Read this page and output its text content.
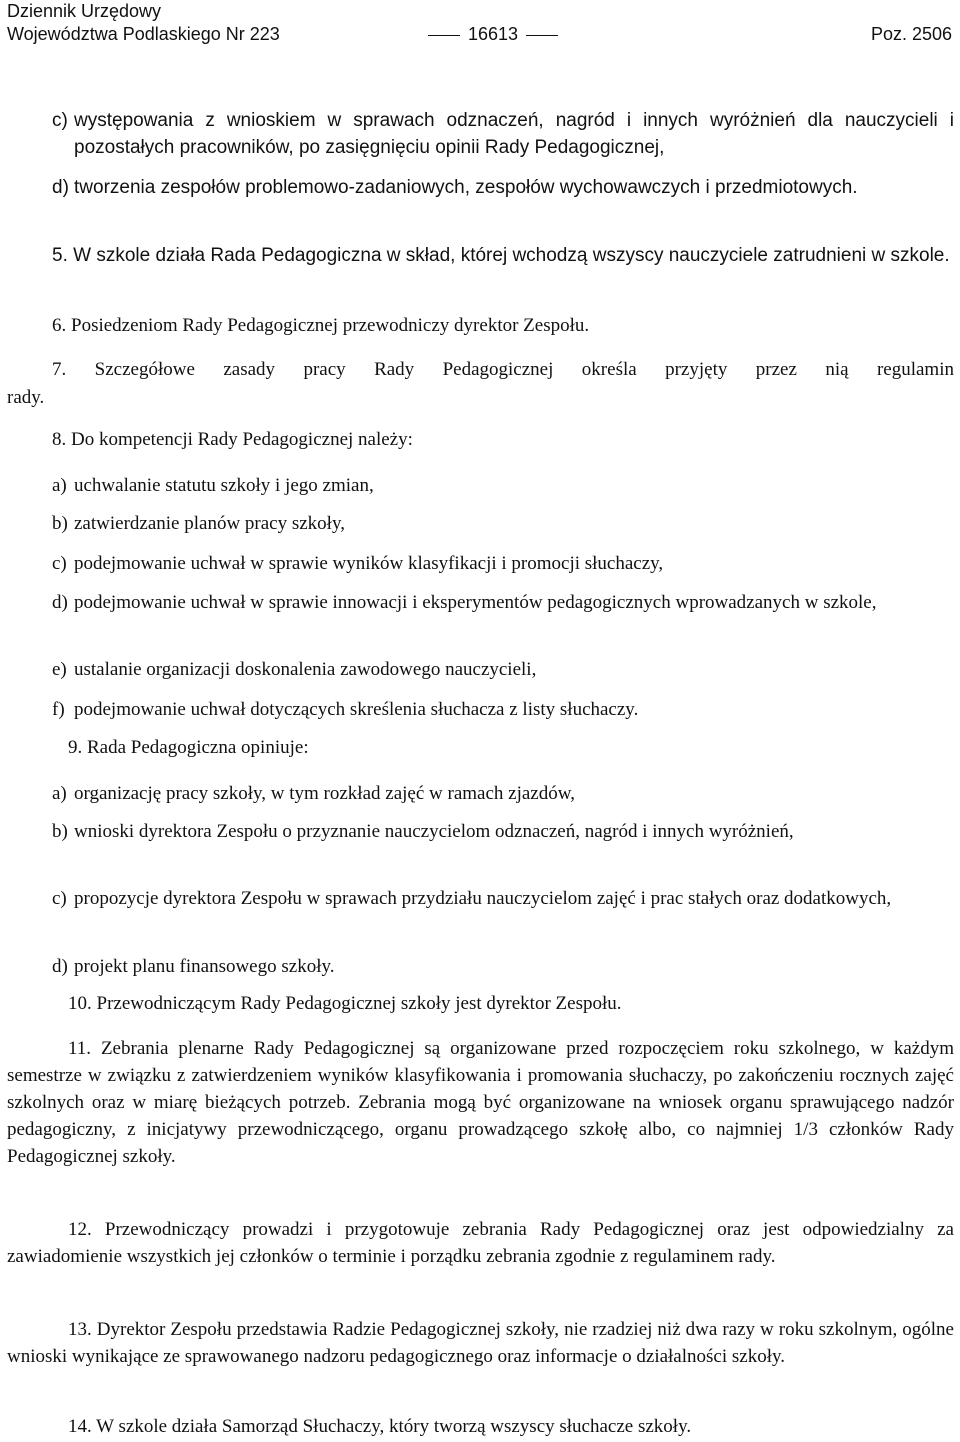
Dziennik Urzędowy
Województwa Podlaskiego Nr 223	16613	Poz. 2506
c) występowania z wnioskiem w sprawach odznaczeń, nagród i innych wyróżnień dla nauczycieli i pozostałych pracowników, po zasięgnięciu opinii Rady Pedagogicznej,
d) tworzenia zespołów problemowo-zadaniowych, zespołów wychowawczych i przedmiotowych.
5. W szkole działa Rada Pedagogiczna w skład, której wchodzą wszyscy nauczyciele zatrudnieni w szkole.
6. Posiedzeniom Rady Pedagogicznej przewodniczy dyrektor Zespołu.
7. Szczegółowe zasady pracy Rady Pedagogicznej określa przyjęty przez nią regulamin
rady.
8. Do kompetencji Rady Pedagogicznej należy:
a) uchwalanie statutu szkoły i jego zmian,
b) zatwierdzanie planów pracy szkoły,
c) podejmowanie uchwał w sprawie wyników klasyfikacji i promocji słuchaczy,
d) podejmowanie uchwał w sprawie innowacji i eksperymentów pedagogicznych wprowadzanych w szkole,
e) ustalanie organizacji doskonalenia zawodowego nauczycieli,
f) podejmowanie uchwał dotyczących skreślenia słuchacza z listy słuchaczy.
9. Rada Pedagogiczna opiniuje:
a) organizację pracy szkoły, w tym rozkład zajęć w ramach zjazdów,
b) wnioski dyrektora Zespołu o przyznanie nauczycielom odznaczeń, nagród i innych wyróżnień,
c) propozycje dyrektora Zespołu w sprawach przydziału nauczycielom zajęć i prac stałych oraz dodatkowych,
d) projekt planu finansowego szkoły.
10. Przewodniczącym Rady Pedagogicznej szkoły jest dyrektor Zespołu.
11. Zebrania plenarne Rady Pedagogicznej są organizowane przed rozpoczęciem roku szkolnego, w każdym semestrze w związku z zatwierdzeniem wyników klasyfikowania i promowania słuchaczy, po zakończeniu rocznych zajęć szkolnych oraz w miarę bieżących potrzeb. Zebrania mogą być organizowane na wniosek organu sprawującego nadzór pedagogiczny, z inicjatywy przewodniczącego, organu prowadzącego szkołę albo, co najmniej 1/3 członków Rady Pedagogicznej szkoły.
12. Przewodniczący prowadzi i przygotowuje zebrania Rady Pedagogicznej oraz jest odpowiedzialny za zawiadomienie wszystkich jej członków o terminie i porządku zebrania zgodnie z regulaminem rady.
13. Dyrektor Zespołu przedstawia Radzie Pedagogicznej szkoły, nie rzadziej niż dwa razy w roku szkolnym, ogólne wnioski wynikające ze sprawowanego nadzoru pedagogicznego oraz informacje o działalności szkoły.
14. W szkole działa Samorząd Słuchaczy, który tworzą wszyscy słuchacze szkoły.
